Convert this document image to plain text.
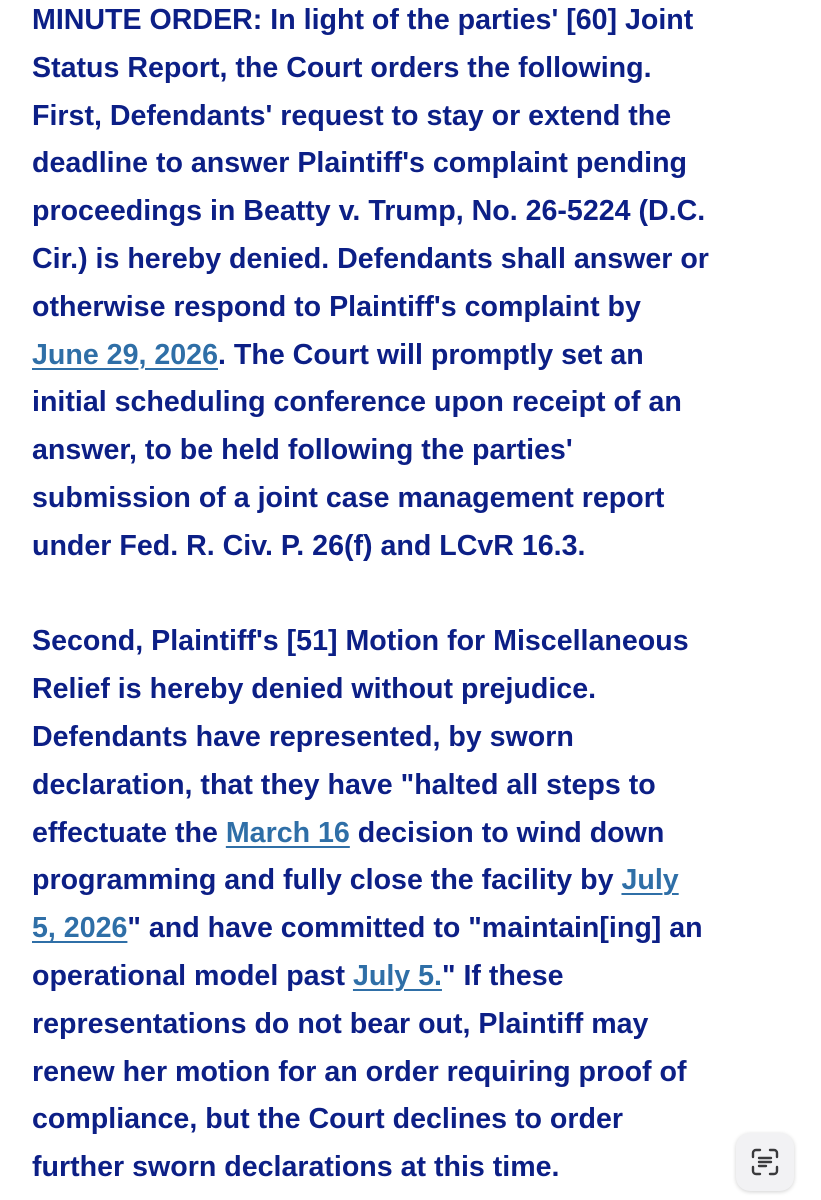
MINUTE ORDER: In light of the parties' [60] Joint
Status Report, the Court orders the following.
First, Defendants' request to stay or extend the
deadline to answer Plaintiff's complaint pending
proceedings in Beatty v. Trump, No. 26-5224 (D.C.
Cir.) is hereby denied. Defendants shall answer or
otherwise respond to Plaintiff's complaint by
June 29, 2026. The Court will promptly set an
initial scheduling conference upon receipt of an
answer, to be held following the parties'
submission of a joint case management report
under Fed. R. Civ. P. 26(f) and LCvR 16.3.

Second, Plaintiff's [51] Motion for Miscellaneous
Relief is hereby denied without prejudice.
Defendants have represented, by sworn
declaration, that they have "halted all steps to
effectuate the March 16 decision to wind down
programming and fully close the facility by July
5, 2026" and have committed to "maintain[ing] an
operational model past July 5." If these
representations do not bear out, Plaintiff may
renew her motion for an order requiring proof of
compliance, but the Court declines to order
further sworn declarations at this time.
